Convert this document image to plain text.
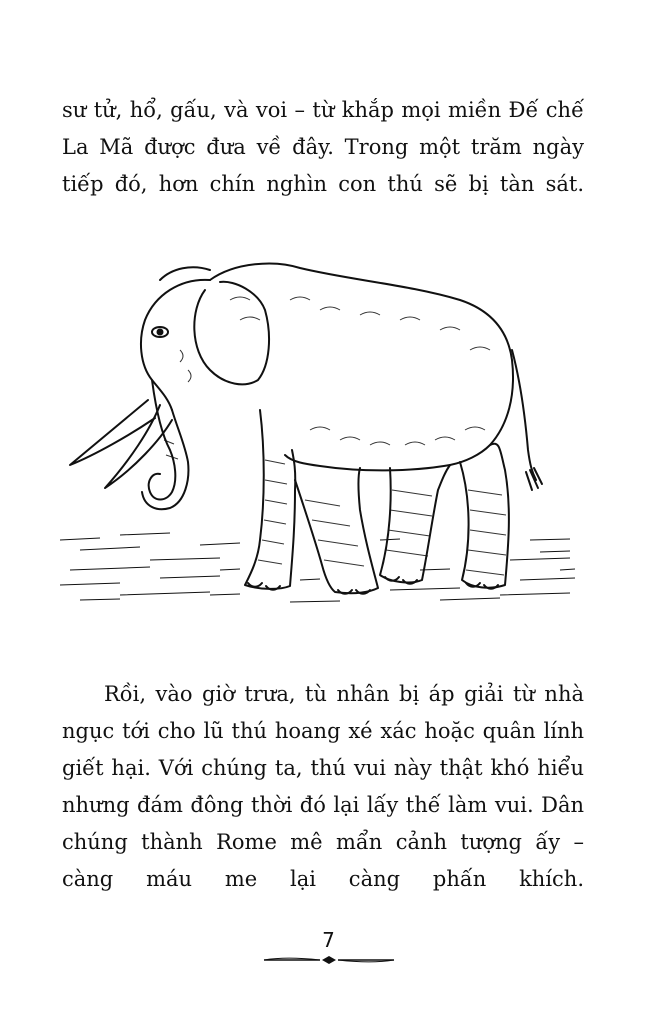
sư tử, hổ, gấu, và voi – từ khắp mọi miền Đế chế
La Mã được đưa về đây. Trong một trăm ngày
tiếp đó, hơn chín nghìn con thú sẽ bị tàn sát.
Rồi, vào giờ trưa, tù nhân bị áp giải từ nhà
ngục tới cho lũ thú hoang xé xác hoặc quân lính
giết hại. Với chúng ta, thú vui này thật khó hiểu
nhưng đám đông thời đó lại lấy thế làm vui. Dân
chúng thành Rome mê mẩn cảnh tượng ấy –
càng máu me lại càng phấn khích.
7
